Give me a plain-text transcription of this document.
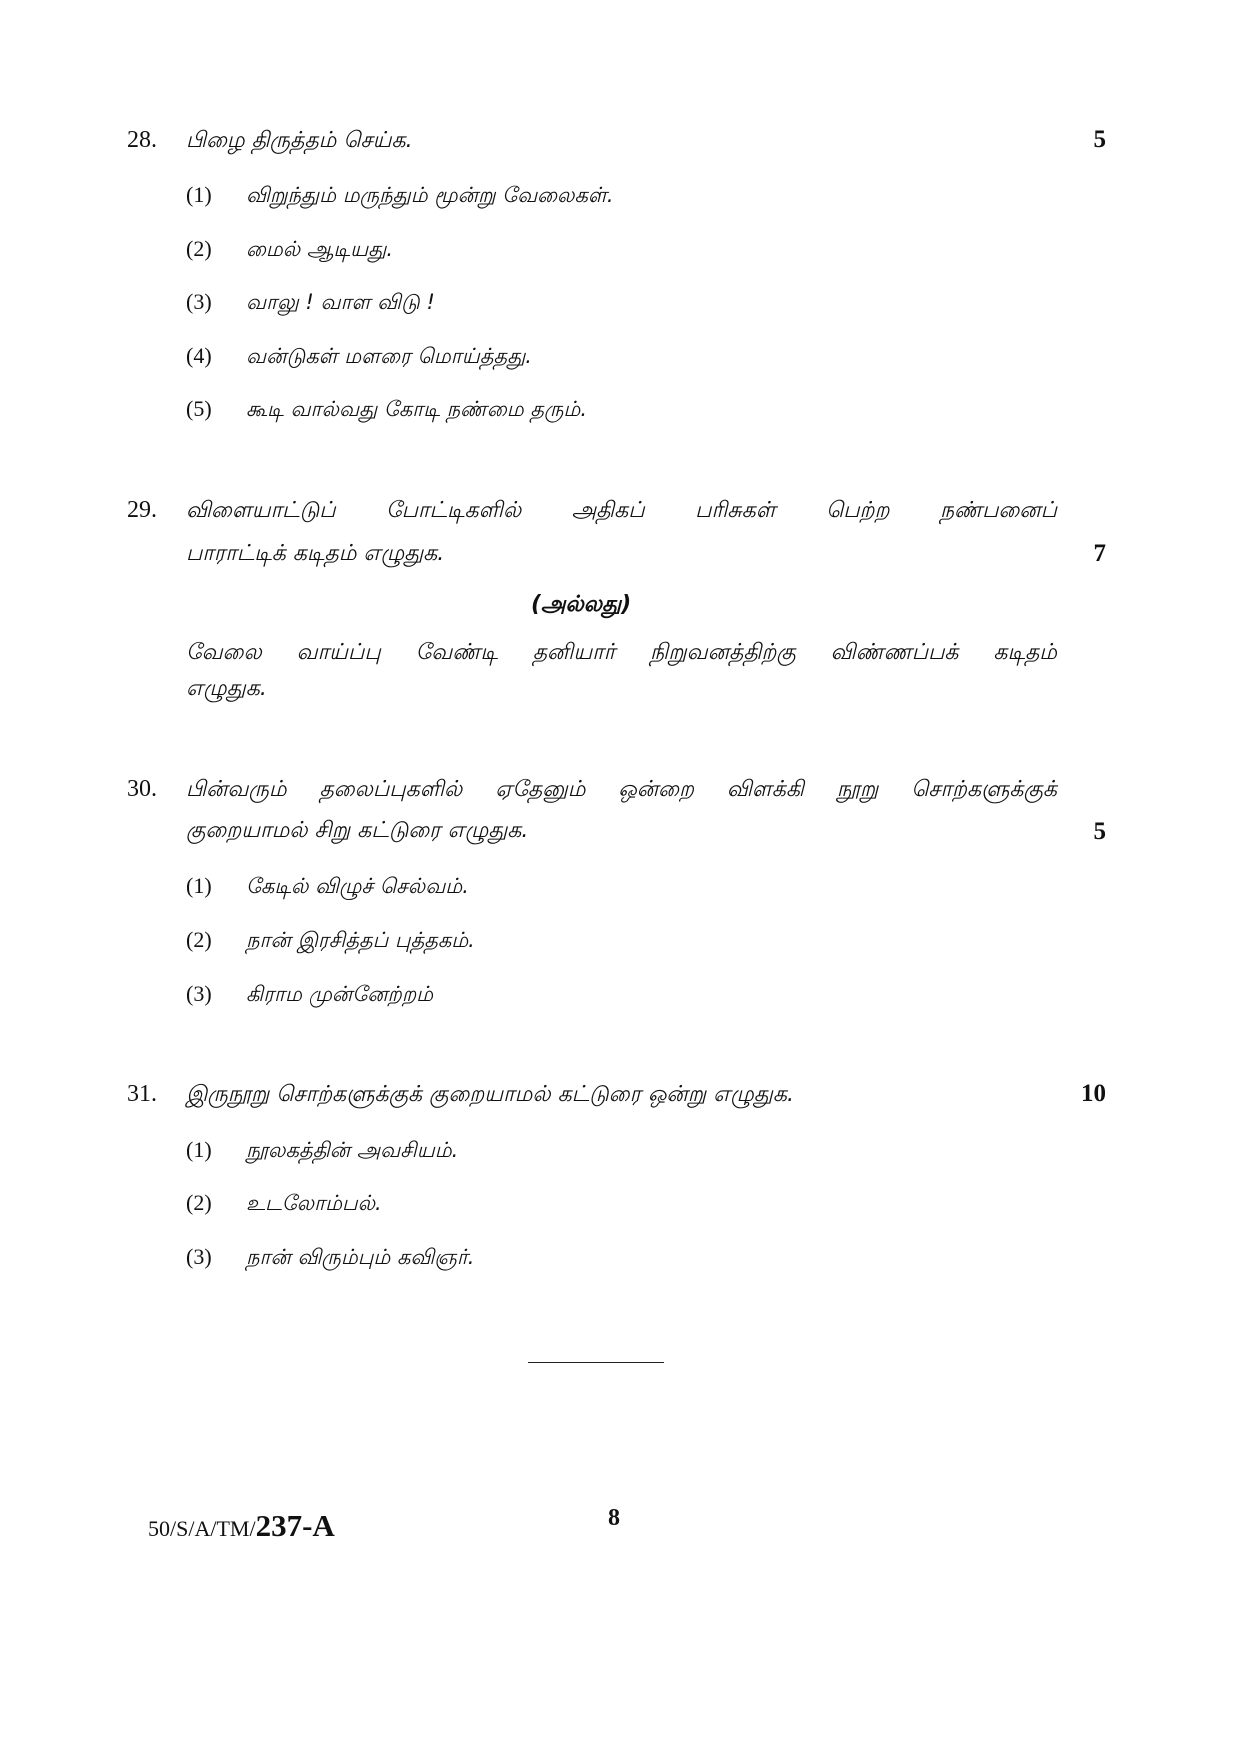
28. பிழை திருத்தம் செய்க.	5
(1) விறுந்தும் மருந்தும் மூன்று வேலைகள்.
(2) மைல் ஆடியது.
(3) வாலு ! வாள விடு !
(4) வன்டுகள் மளரை மொய்த்தது.
(5) கூடி வால்வது கோடி நண்மை தரும்.
29. விளையாட்டுப் போட்டிகளில் அதிகப் பரிசுகள் பெற்ற நண்பனைப்
பாராட்டிக் கடிதம் எழுதுக.	7
(அல்லது)
வேலை வாய்ப்பு வேண்டி தனியார் நிறுவனத்திற்கு விண்ணப்பக் கடிதம்
எழுதுக.
30. பின்வரும் தலைப்புகளில் ஏதேனும் ஒன்றை விளக்கி நூறு சொற்களுக்குக்
குறையாமல் சிறு கட்டுரை எழுதுக.	5
(1) கேடில் விழுச் செல்வம்.
(2) நான் இரசித்தப் புத்தகம்.
(3) கிராம முன்னேற்றம்
31. இருநூறு சொற்களுக்குக் குறையாமல் கட்டுரை ஒன்று எழுதுக.	10
(1) நூலகத்தின் அவசியம்.
(2) உடலோம்பல்.
(3) நான் விரும்பும் கவிஞர்.
50/S/A/TM/237-A	8
